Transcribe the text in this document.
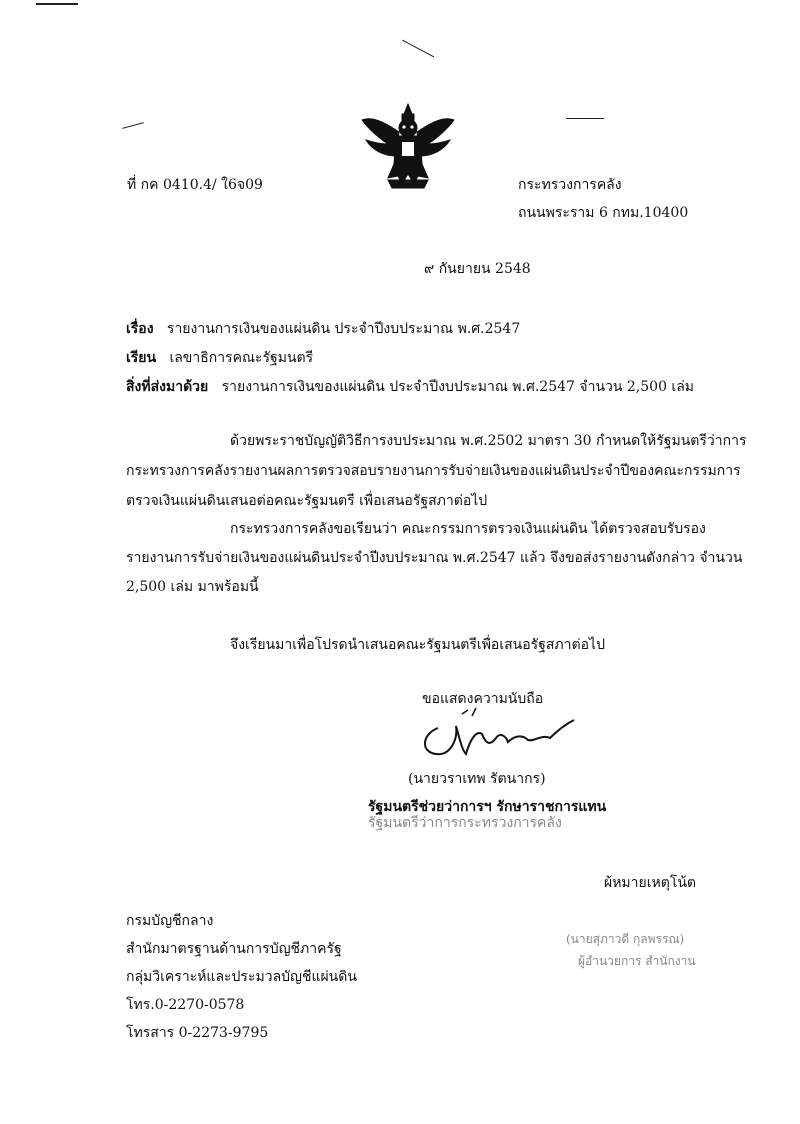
ที่ กค 0410.4/ ใ6จ09	กระทรวงการคลัง
ถนนพระราม 6 กทม.10400
๙ กันยายน 2548
เรื่อง รายงานการเงินของแผ่นดิน ประจำปีงบประมาณ พ.ศ.2547
เรียน เลขาธิการคณะรัฐมนตรี
สิ่งที่ส่งมาด้วย รายงานการเงินของแผ่นดิน ประจำปีงบประมาณ พ.ศ.2547 จำนวน 2,500 เล่ม
ด้วยพระราชบัญญัติวิธีการงบประมาณ พ.ศ.2502 มาตรา 30 กำหนดให้รัฐมนตรีว่าการ
กระทรวงการคลังรายงานผลการตรวจสอบรายงานการรับจ่ายเงินของแผ่นดินประจำปีของคณะกรรมการ
ตรวจเงินแผ่นดินเสนอต่อคณะรัฐมนตรี เพื่อเสนอรัฐสภาต่อไป
กระทรวงการคลังขอเรียนว่า คณะกรรมการตรวจเงินแผ่นดิน ได้ตรวจสอบรับรอง
รายงานการรับจ่ายเงินของแผ่นดินประจำปีงบประมาณ พ.ศ.2547 แล้ว จึงขอส่งรายงานดังกล่าว จำนวน
2,500 เล่ม มาพร้อมนี้
จึงเรียนมาเพื่อโปรดนำเสนอคณะรัฐมนตรีเพื่อเสนอรัฐสภาต่อไป
ขอแสดงความนับถือ
(นายวราเทพ รัตนากร)
รัฐมนตรีช่วยว่าการฯ รักษาราชการแทน
รัฐมนตรีว่าการกระทรวงการคลัง
ผ้หมายเหตุโน้ต
(นายสุภาวดี กุลพรรณ)
ผู้อำนวยการ สำนักงาน
กรมบัญชีกลาง
สำนักมาตรฐานด้านการบัญชีภาครัฐ
กลุ่มวิเคราะห์และประมวลบัญชีแผ่นดิน
โทร.0-2270-0578
โทรสาร 0-2273-9795
